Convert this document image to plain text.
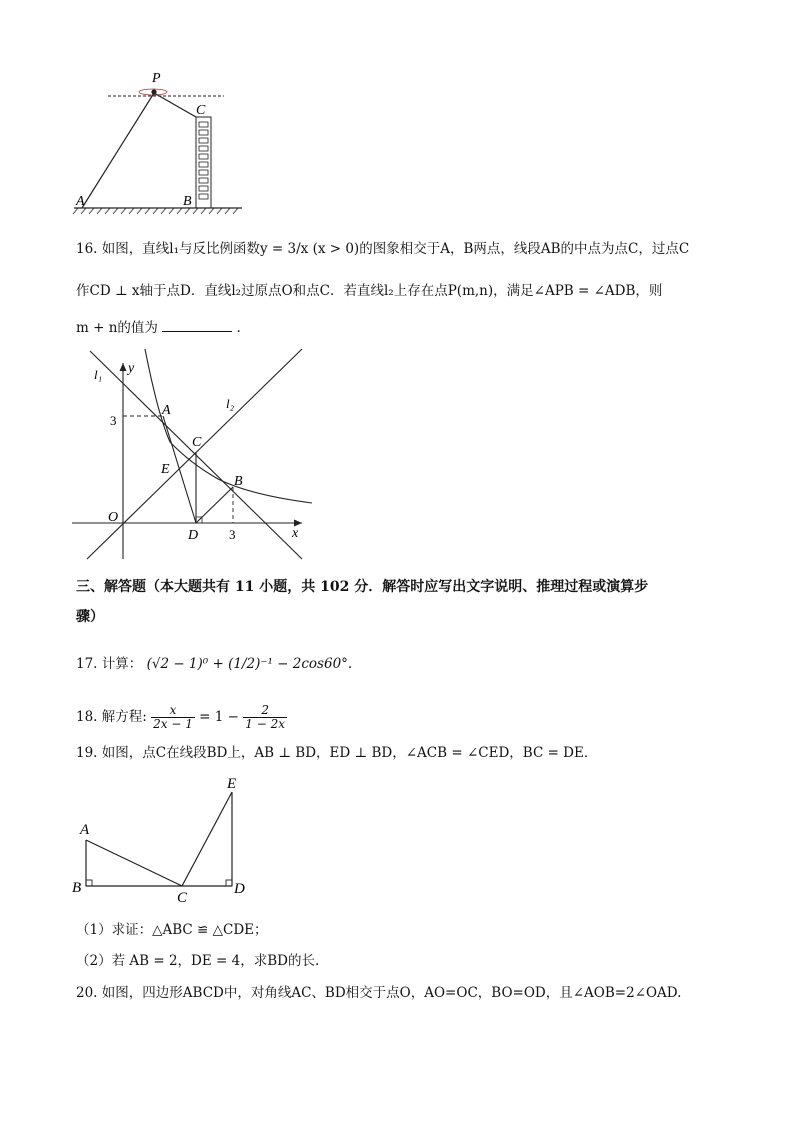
P
C
A	B
16. 如图，直线l₁与反比例函数y = 3/x (x > 0)的图象相交于A，B两点，线段AB的中点为点C，过点C
作CD ⊥ x轴于点D．直线l₂过原点O和点C．若直线l₂上存在点P(m,n)，满足∠APB = ∠ADB，则
m + n的值为	.
l₁
l₂
y
x
O
A
B
C
D
E
3
3
三、解答题（本大题共有 11 小题，共 102 分．解答时应写出文字说明、推理过程或演算步
骤）
17. 计算： (√2 − 1)⁰ + (1/2)⁻¹ − 2cos60°.
18. 解方程: $\frac{x}{2x - 1} = 1 - \frac{2}{1 - 2x}$
19. 如图，点C在线段BD上，AB ⊥ BD，ED ⊥ BD，∠ACB = ∠CED，BC = DE．
A
B
C
D
E
（1）求证：△ABC ≌ △CDE；
（2）若 AB = 2，DE = 4，求BD的长.
20. 如图，四边形ABCD中，对角线AC、BD相交于点O，AO=OC，BO=OD，且∠AOB=2∠OAD.
